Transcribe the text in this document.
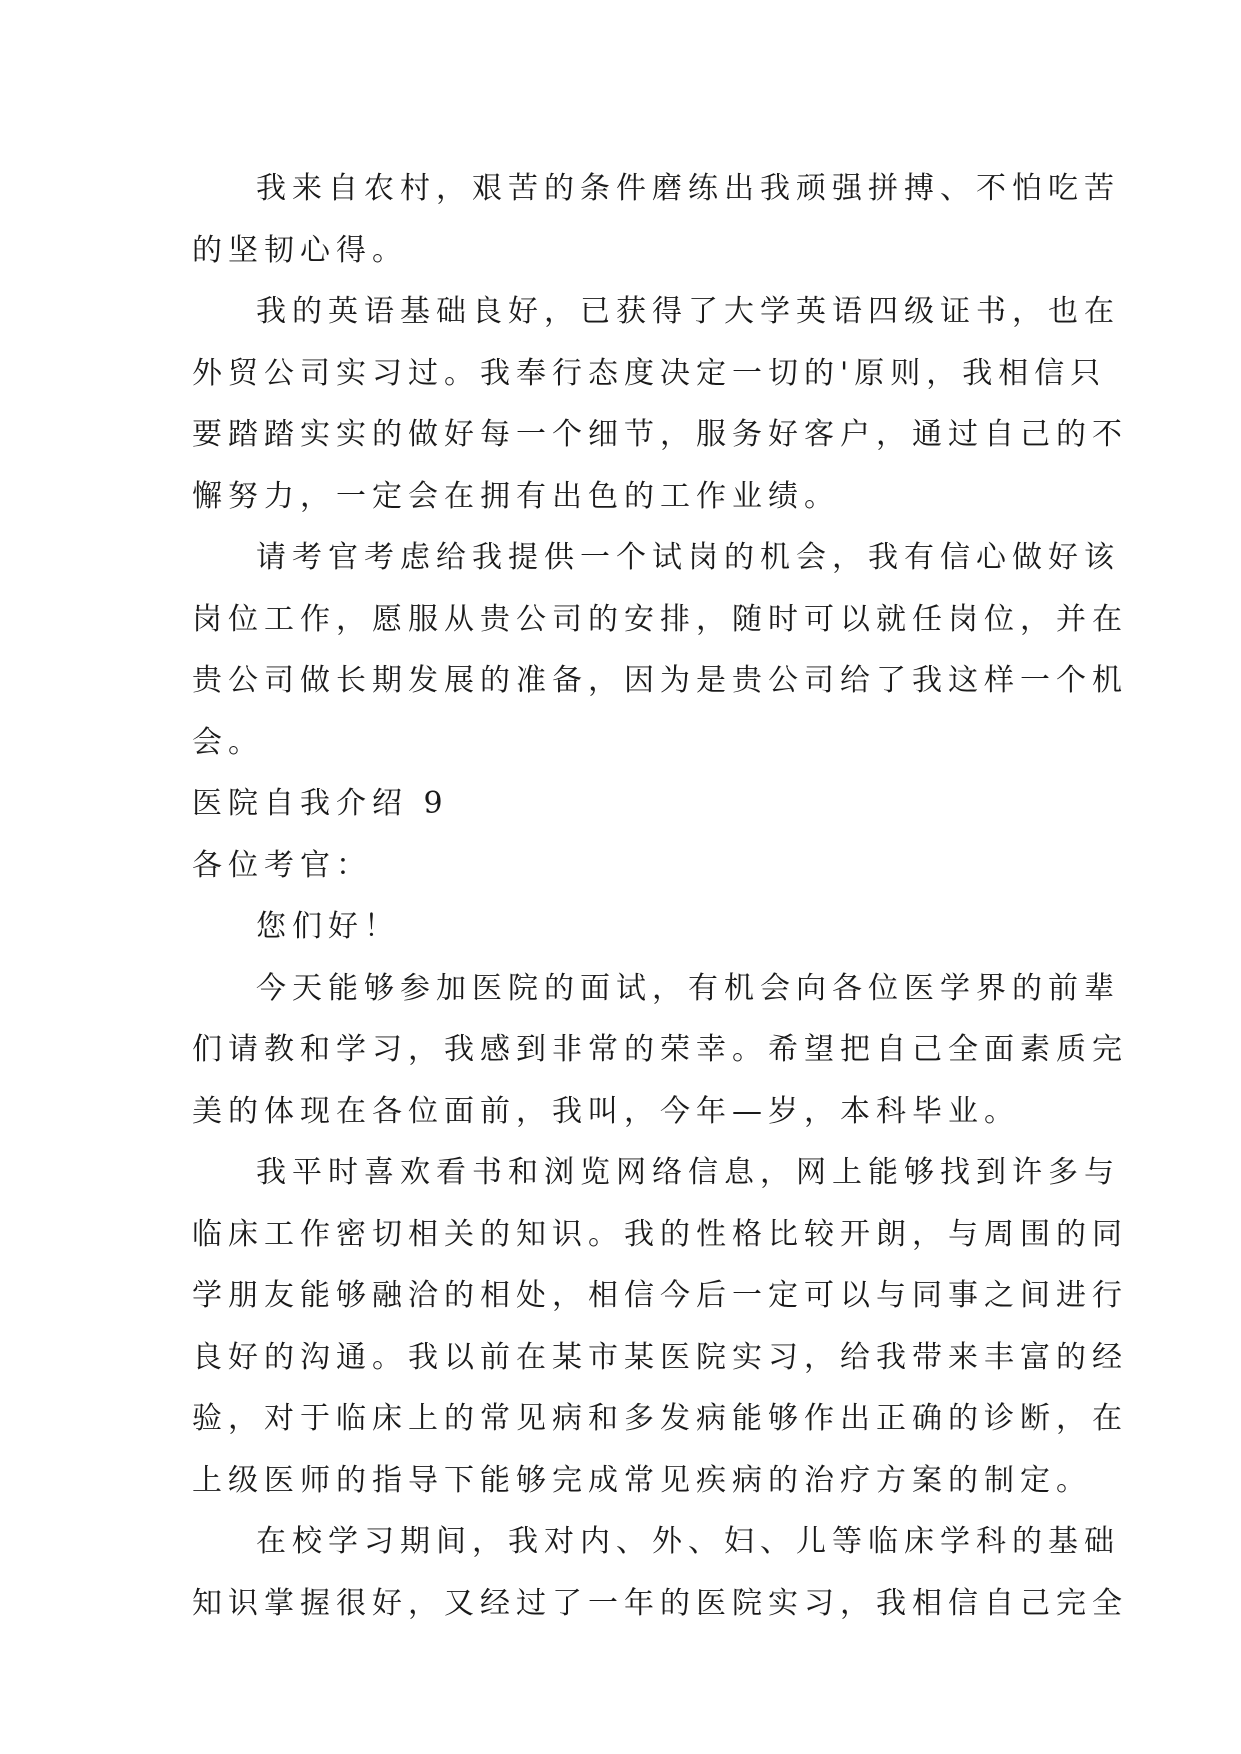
我来自农村，艰苦的条件磨练出我顽强拼搏、不怕吃苦
的坚韧心得。
我的英语基础良好，已获得了大学英语四级证书，也在
外贸公司实习过。我奉行态度决定一切的'原则，我相信只
要踏踏实实的做好每一个细节，服务好客户，通过自己的不
懈努力，一定会在拥有出色的工作业绩。
请考官考虑给我提供一个试岗的机会，我有信心做好该
岗位工作，愿服从贵公司的安排，随时可以就任岗位，并在
贵公司做长期发展的准备，因为是贵公司给了我这样一个机
会。
医院自我介绍 9
各位考官：
您们好！
今天能够参加医院的面试，有机会向各位医学界的前辈
们请教和学习，我感到非常的荣幸。希望把自己全面素质完
美的体现在各位面前，我叫，今年—岁，本科毕业。
我平时喜欢看书和浏览网络信息，网上能够找到许多与
临床工作密切相关的知识。我的性格比较开朗，与周围的同
学朋友能够融洽的相处，相信今后一定可以与同事之间进行
良好的沟通。我以前在某市某医院实习，给我带来丰富的经
验，对于临床上的常见病和多发病能够作出正确的诊断，在
上级医师的指导下能够完成常见疾病的治疗方案的制定。
在校学习期间，我对内、外、妇、儿等临床学科的基础
知识掌握很好，又经过了一年的医院实习，我相信自己完全
